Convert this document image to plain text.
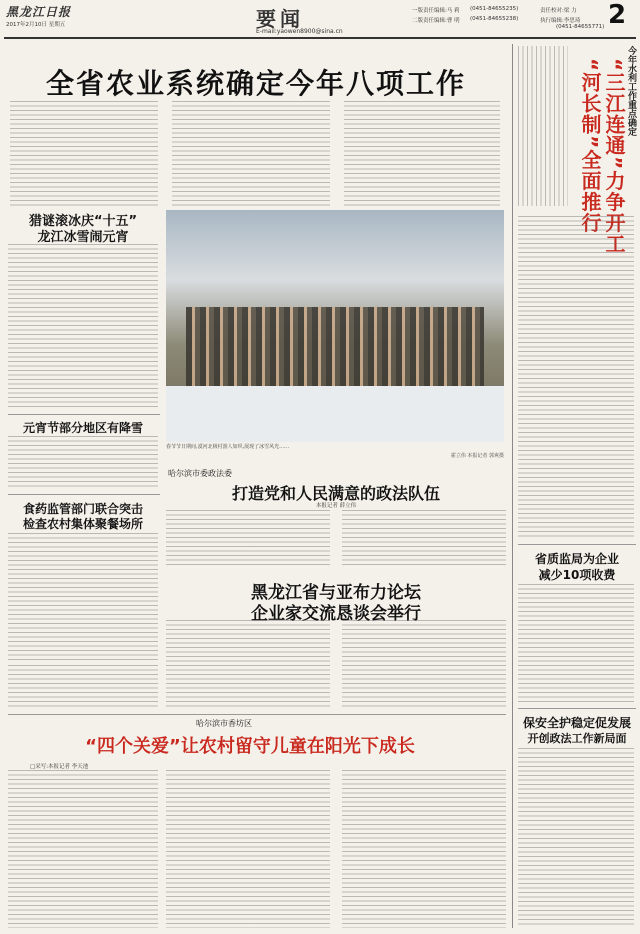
黑龙江日报
2017年2月10日 星期五	要闻
E-mail:yaowen8900@sina.cn
一版责任编辑:马 莉 (0451-84655235)
二版责任编辑:曹 明 (0451-84655238)
责任校对:梁 力
执行编辑:李思琦
(0451-84655771) 2
全省农业系统确定今年八项工作
春节节日期间,漠河北极村游人如织,展现了冰雪风光……
霍立伟 本报记者 郭爽摄
猎谜滚冰庆“十五”
龙江冰雪闹元宵
元宵节部分地区有降雪
食药监管部门联合突击
检查农村集体聚餐场所
哈尔滨市委政法委
打造党和人民满意的政法队伍
本报记者 薛立伟
黑龙江省与亚布力论坛
企业家交流恳谈会举行
哈尔滨市香坊区
“四个关爱”让农村留守儿童在阳光下成长
□采写:本报记者 李天池
今年水利工作重点确定
“三江连通”力争开工
“河长制”全面推行
省质监局为企业
减少10项收费
保安全护稳定促发展
开创政法工作新局面
